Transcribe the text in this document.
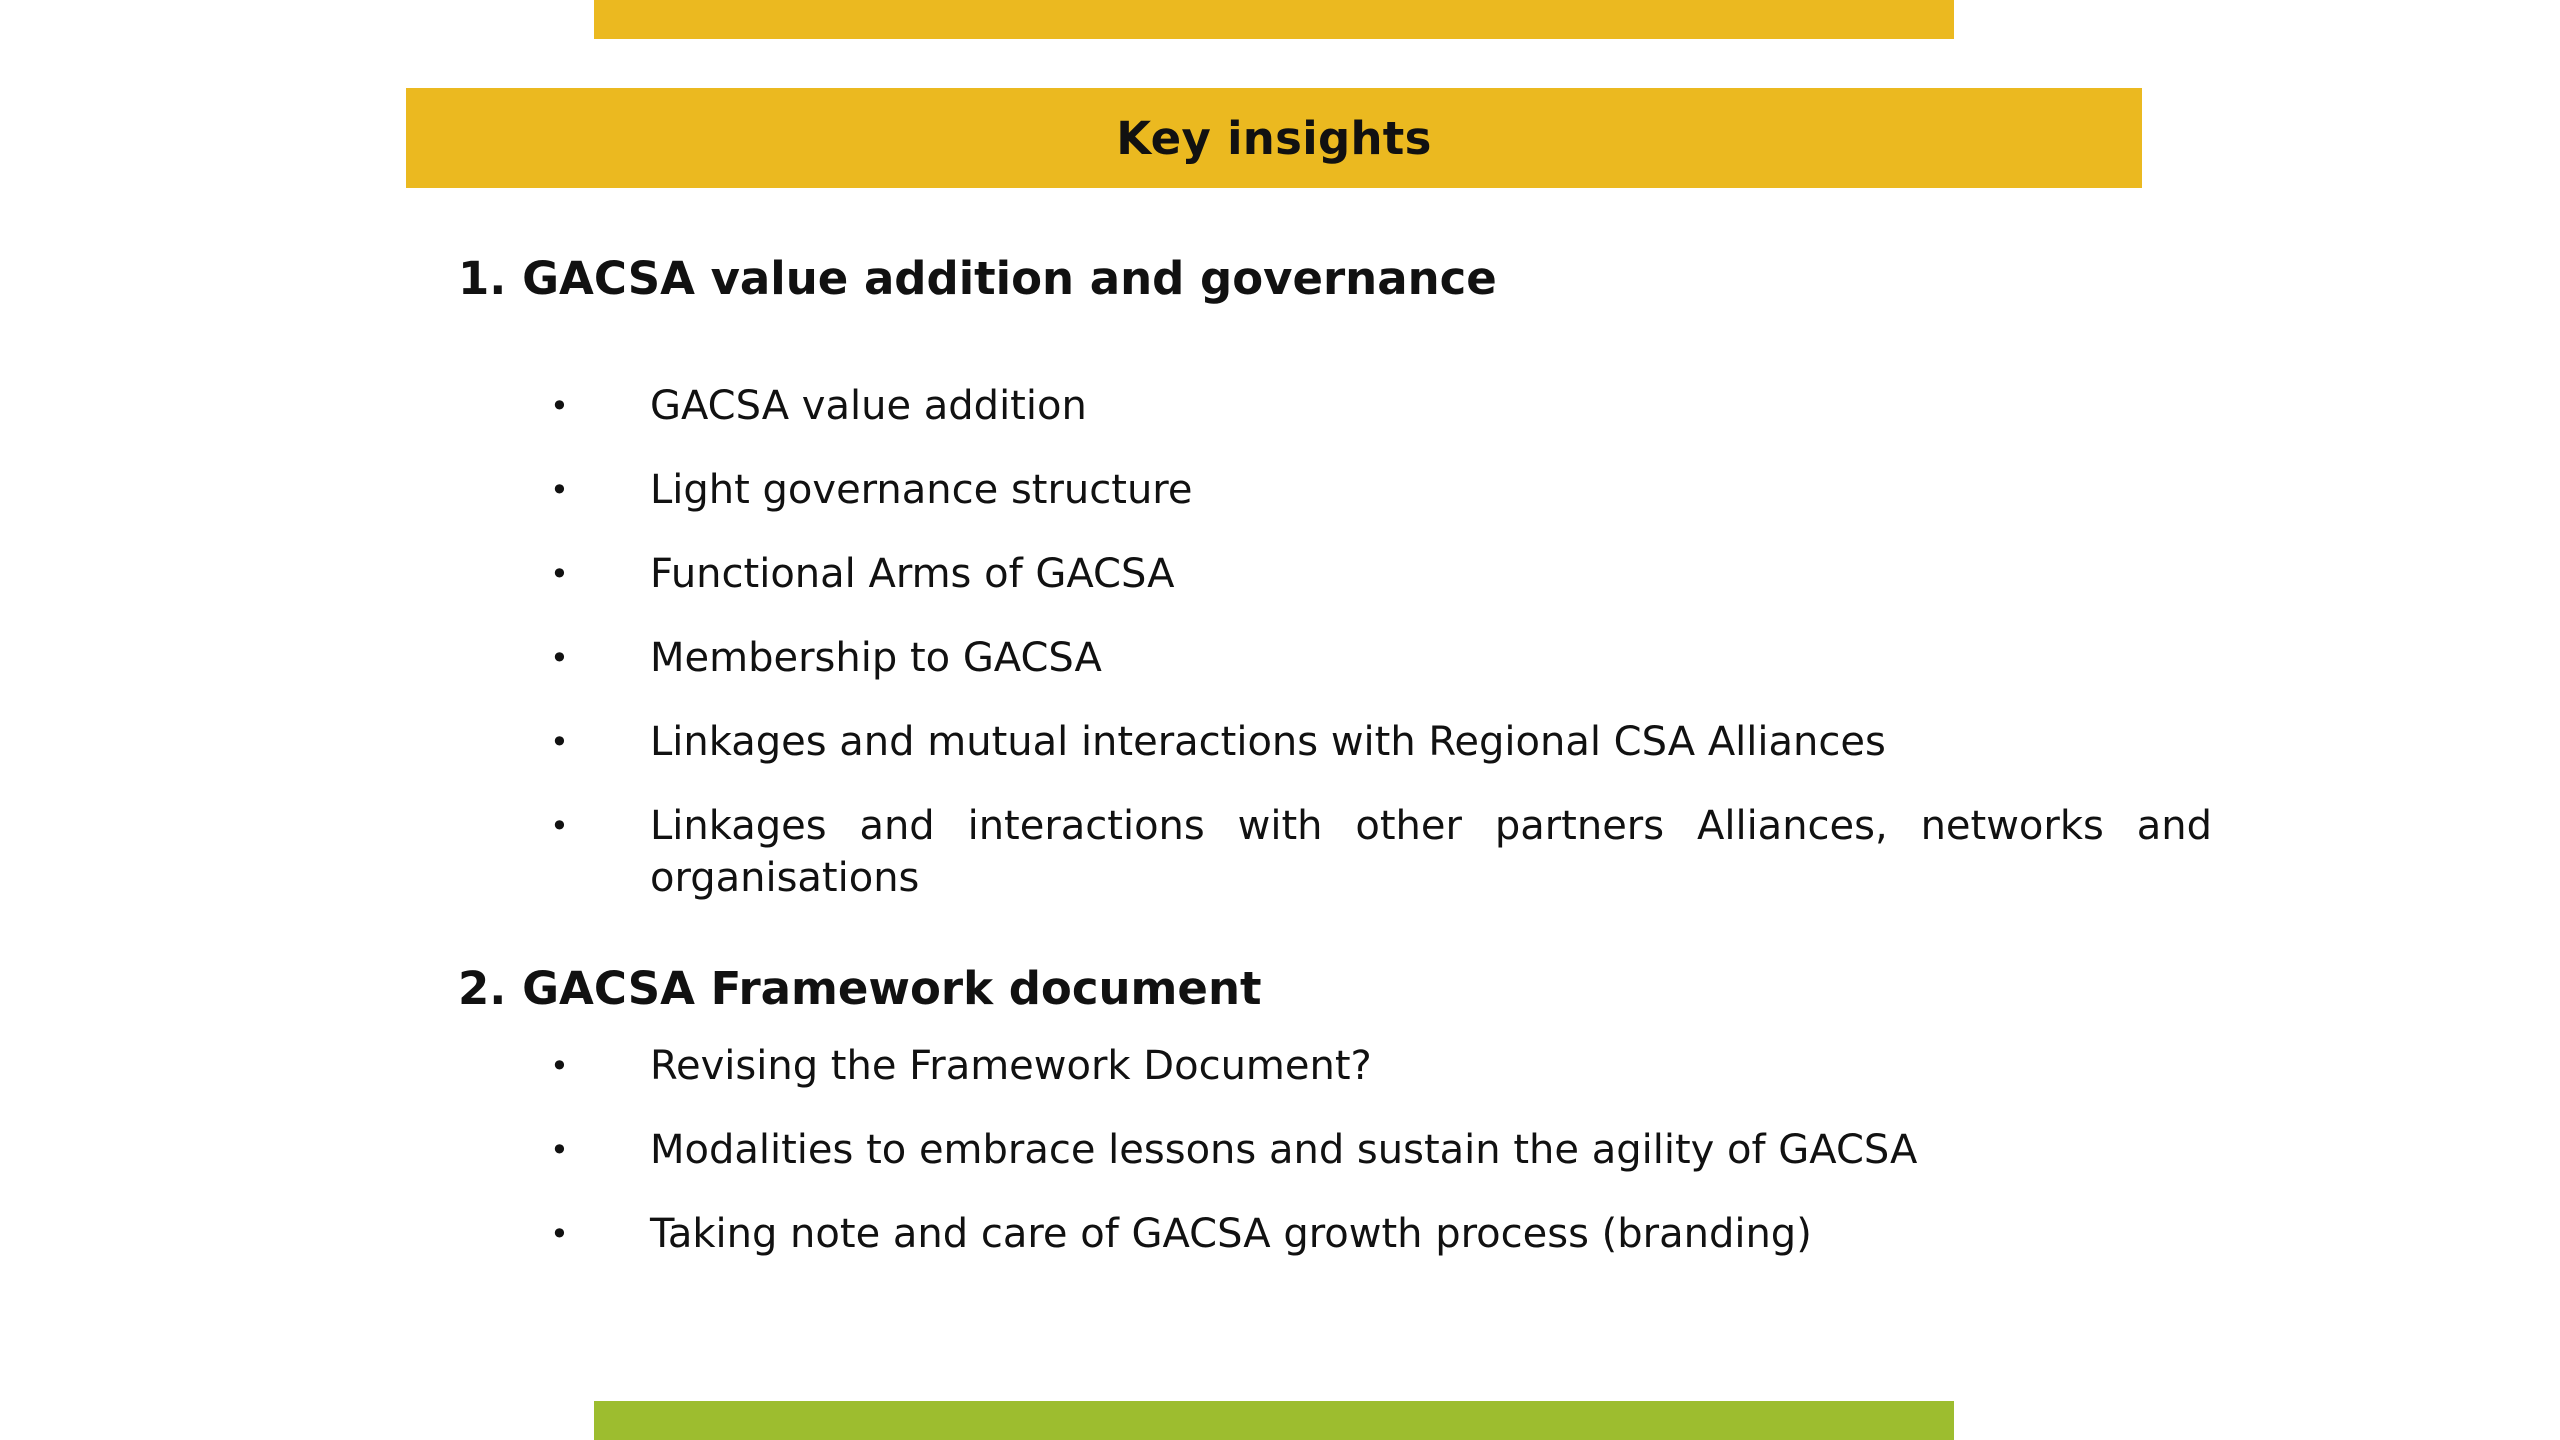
Key insights
1. GACSA value addition and governance
•	GACSA value addition
•	Light governance structure
•	Functional Arms of GACSA
•	Membership to GACSA
•	Linkages and mutual interactions with Regional CSA Alliances
•	Linkages and interactions with other partners Alliances, networks and organisations
2. GACSA Framework document
•	Revising the Framework Document?
•	Modalities to embrace lessons and sustain the agility of GACSA
•	Taking note and care of GACSA growth process (branding)
